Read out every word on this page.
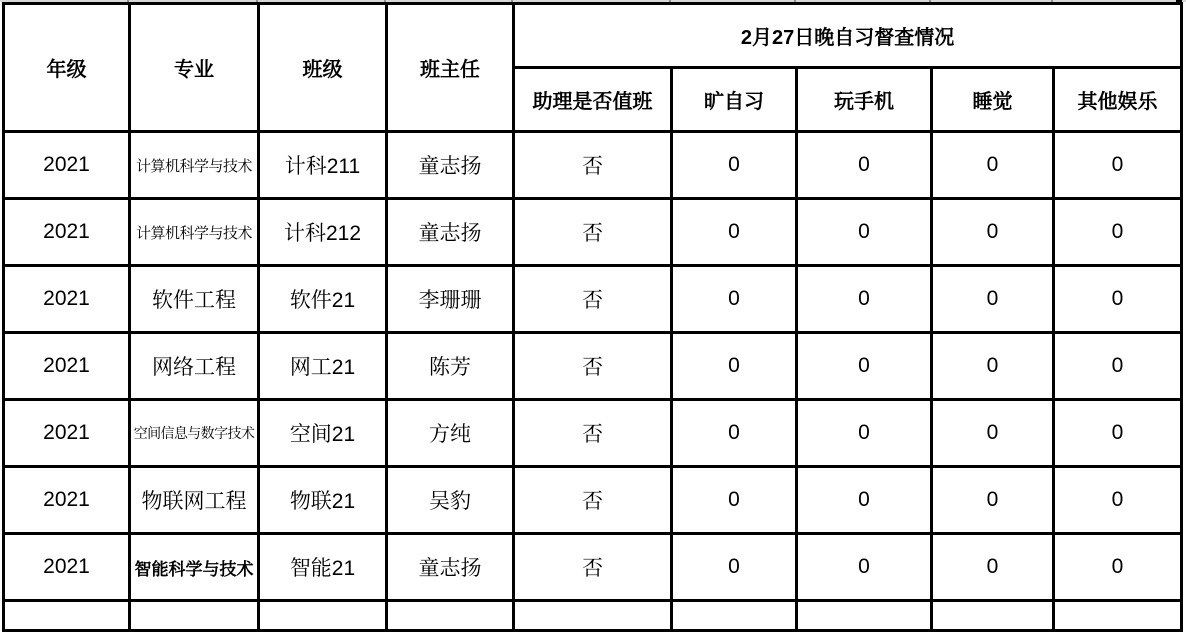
年级	专业	班级	班主任	2月27日晚自习督查情况				
				助理是否值班	旷自习	玩手机	睡觉	其他娱乐
2021	计算机科学与技术	计科211	童志扬	否	0	0	0	0
2021	计算机科学与技术	计科212	童志扬	否	0	0	0	0
2021	软件工程	软件21	李珊珊	否	0	0	0	0
2021	网络工程	网工21	陈芳	否	0	0	0	0
2021	空间信息与数字技术	空间21	方纯	否	0	0	0	0
2021	物联网工程	物联21	吴豹	否	0	0	0	0
2021	智能科学与技术	智能21	童志扬	否	0	0	0	0
